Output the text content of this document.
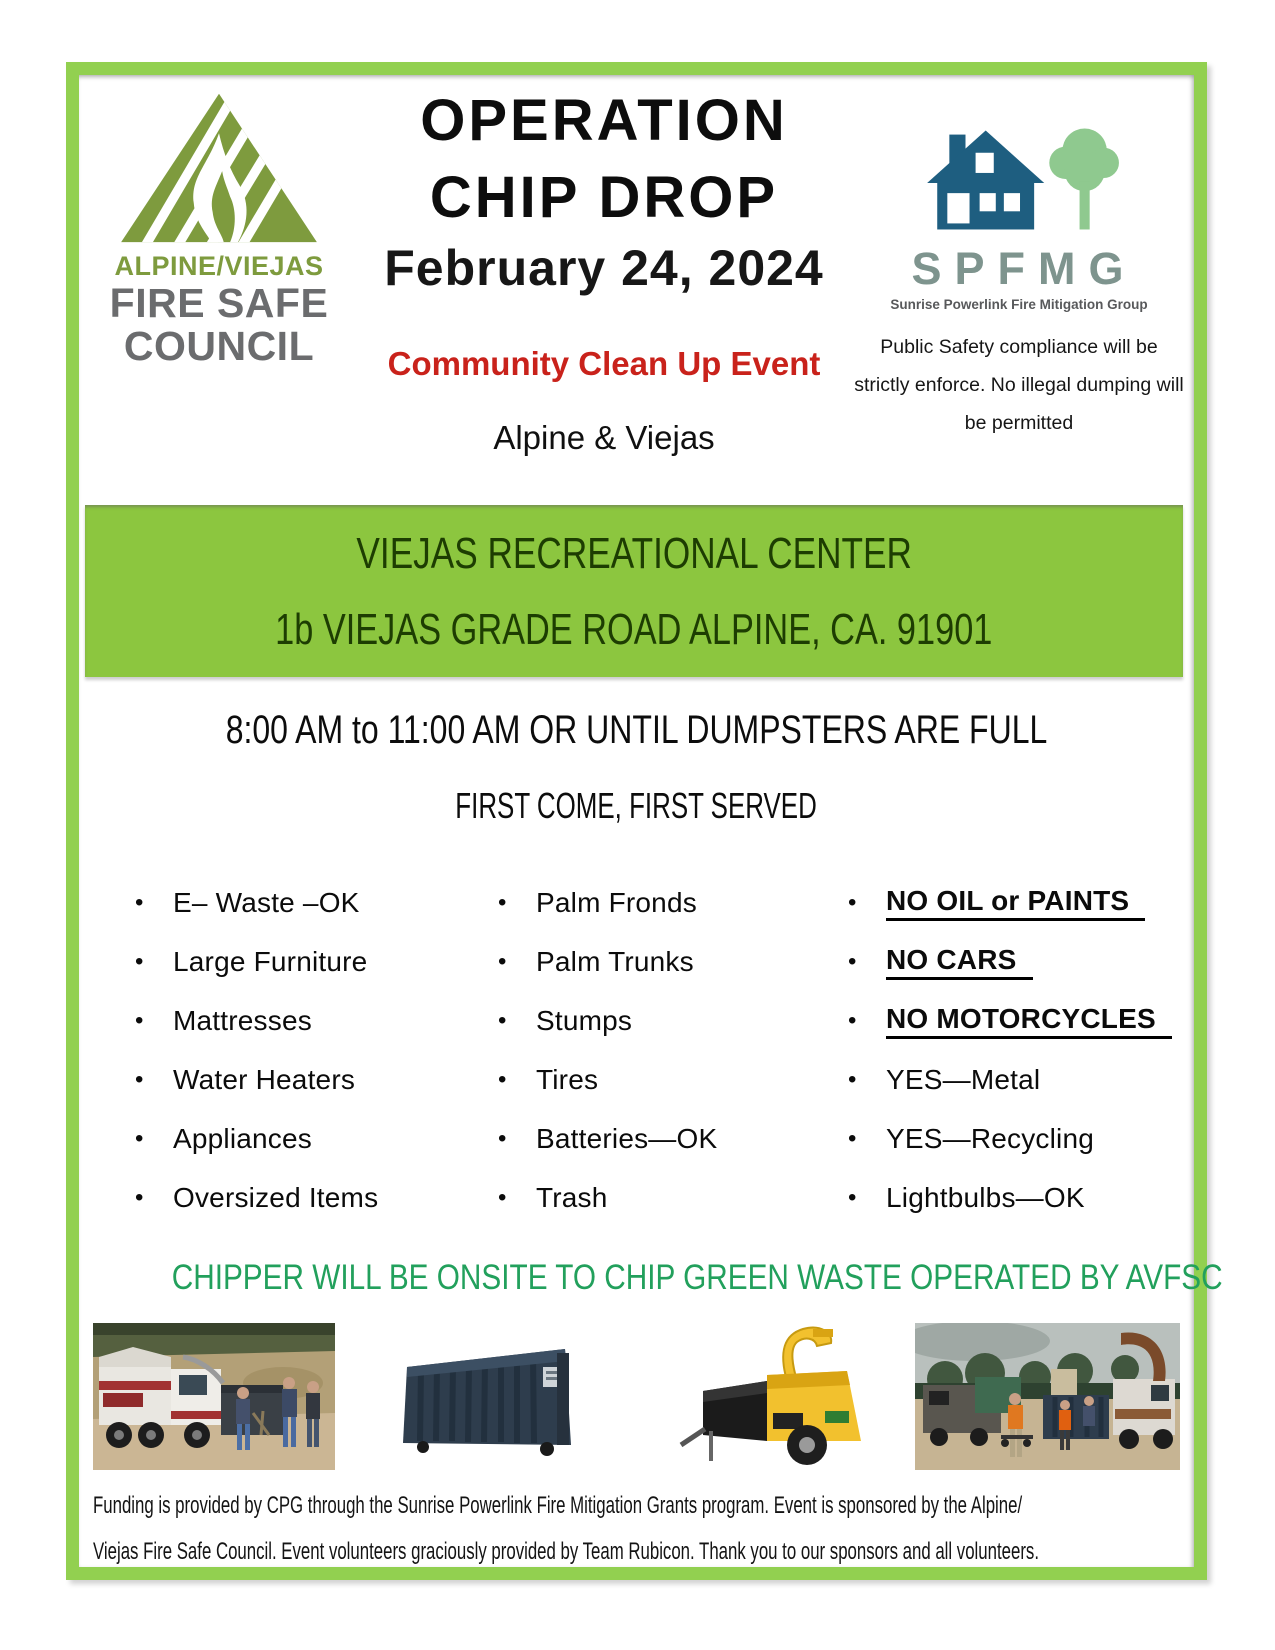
ALPINE/VIEJAS
FIRE SAFE
COUNCIL
OPERATION
CHIP DROP
February 24, 2024
Community Clean Up Event
Alpine & Viejas
SPFMG
Sunrise Powerlink Fire Mitigation Group
Public Safety compliance will be strictly enforce. No illegal dumping will be permitted
VIEJAS RECREATIONAL CENTER
1b VIEJAS GRADE ROAD ALPINE, CA. 91901
8:00 AM to 11:00 AM OR UNTIL DUMPSTERS ARE FULL
FIRST COME, FIRST SERVED
• E– Waste –OK
• Large Furniture
• Mattresses
• Water Heaters
• Appliances
• Oversized Items
• Palm Fronds
• Palm Trunks
• Stumps
• Tires
• Batteries—OK
• Trash
• NO OIL or PAINTS
• NO CARS
• NO MOTORCYCLES
• YES—Metal
• YES—Recycling
• Lightbulbs—OK
CHIPPER WILL BE ONSITE TO CHIP GREEN WASTE OPERATED BY AVFSC
Funding is provided by CPG through the Sunrise Powerlink Fire Mitigation Grants program. Event is sponsored by the Alpine/
Viejas Fire Safe Council. Event volunteers graciously provided by Team Rubicon. Thank you to our sponsors and all volunteers.
